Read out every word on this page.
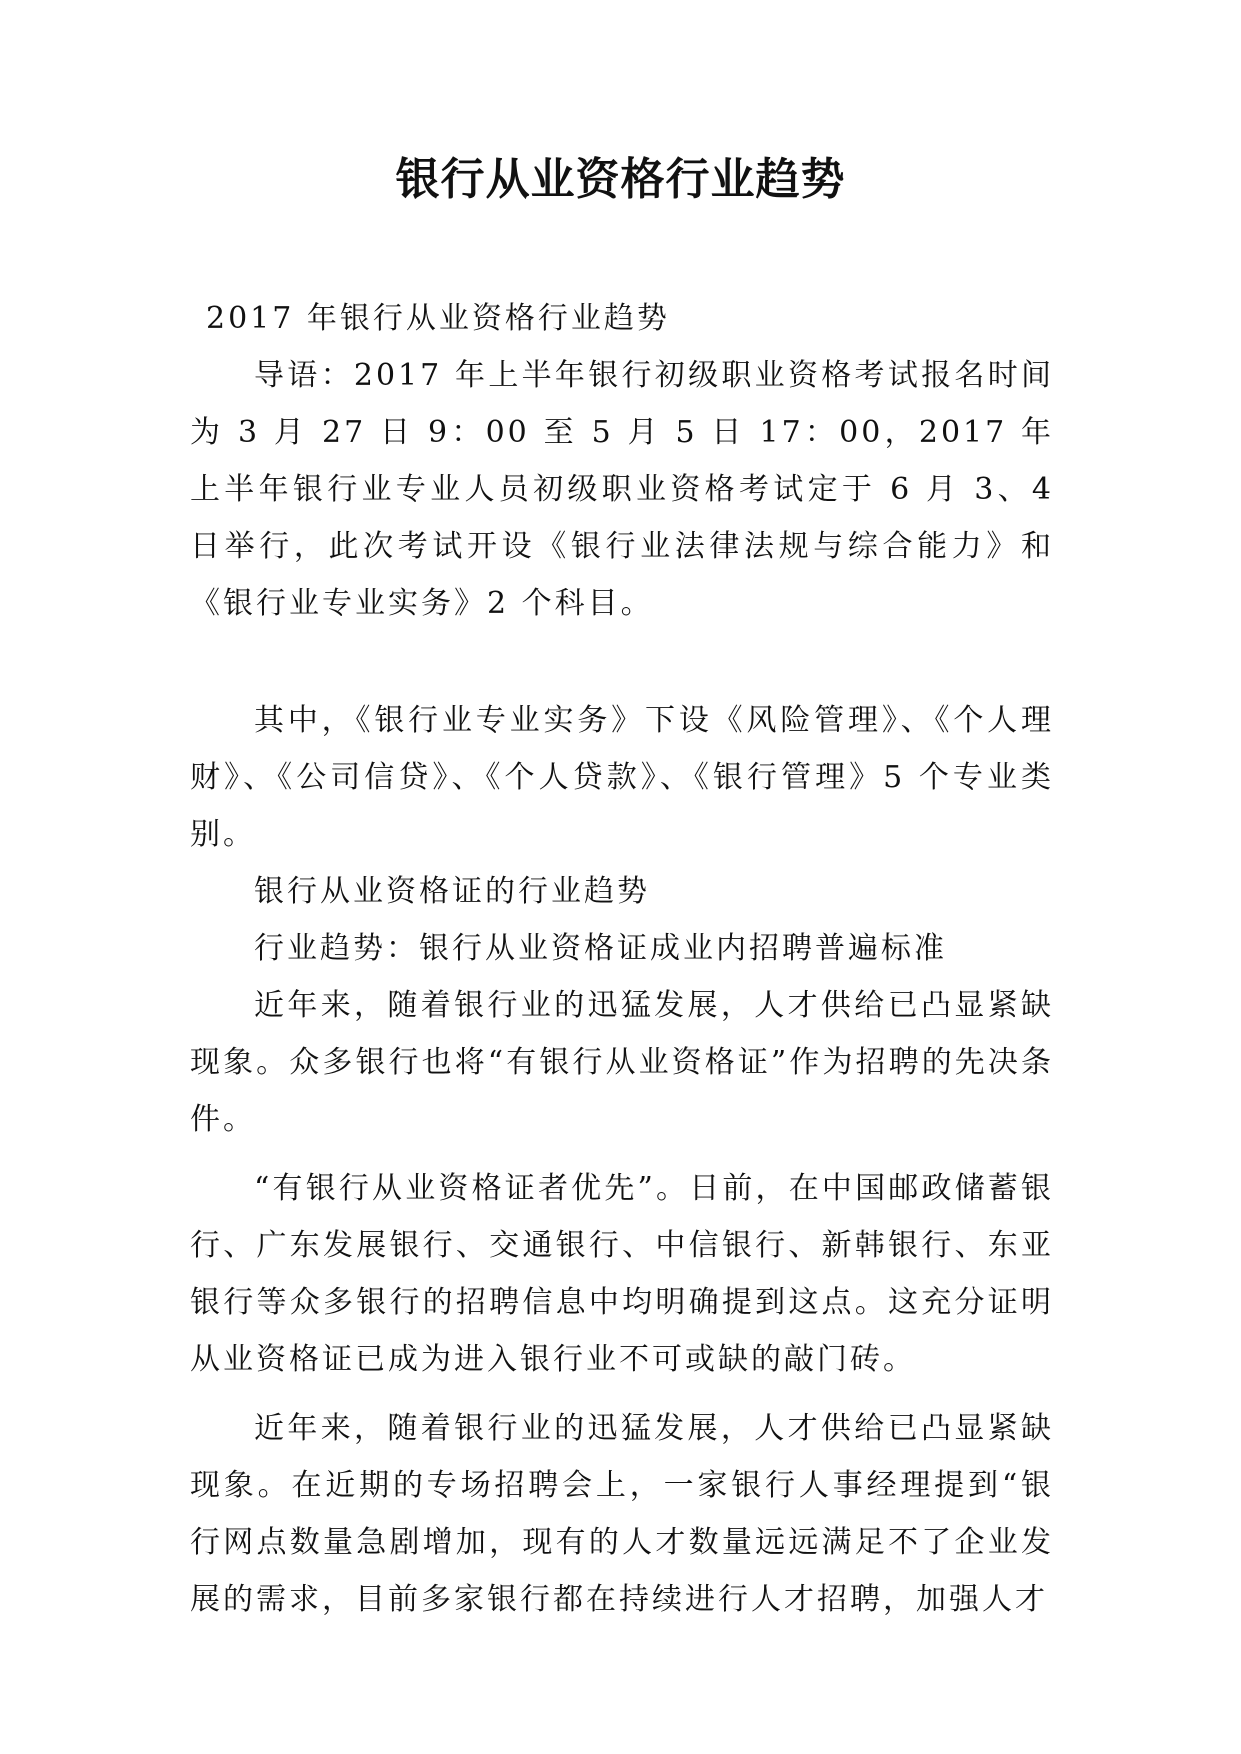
银行从业资格行业趋势

2017 年银行从业资格行业趋势

导语：2017 年上半年银行初级职业资格考试报名时间为 3 月 27 日 9：00 至 5 月 5 日 17：00，2017 年上半年银行业专业人员初级职业资格考试定于 6 月 3、4 日举行，此次考试开设《银行业法律法规与综合能力》和《银行业专业实务》2 个科目。

其中，《银行业专业实务》下设《风险管理》、《个人理财》、《公司信贷》、《个人贷款》、《银行管理》5 个专业类别。

银行从业资格证的行业趋势

行业趋势：银行从业资格证成业内招聘普遍标准

近年来，随着银行业的迅猛发展，人才供给已凸显紧缺现象。众多银行也将“有银行从业资格证”作为招聘的先决条件。

“有银行从业资格证者优先”。日前，在中国邮政储蓄银行、广东发展银行、交通银行、中信银行、新韩银行、东亚银行等众多银行的招聘信息中均明确提到这点。这充分证明从业资格证已成为进入银行业不可或缺的敲门砖。

近年来，随着银行业的迅猛发展，人才供给已凸显紧缺现象。在近期的专场招聘会上，一家银行人事经理提到“银行网点数量急剧增加，现有的人才数量远远满足不了企业发展的需求，目前多家银行都在持续进行人才招聘，加强人才
